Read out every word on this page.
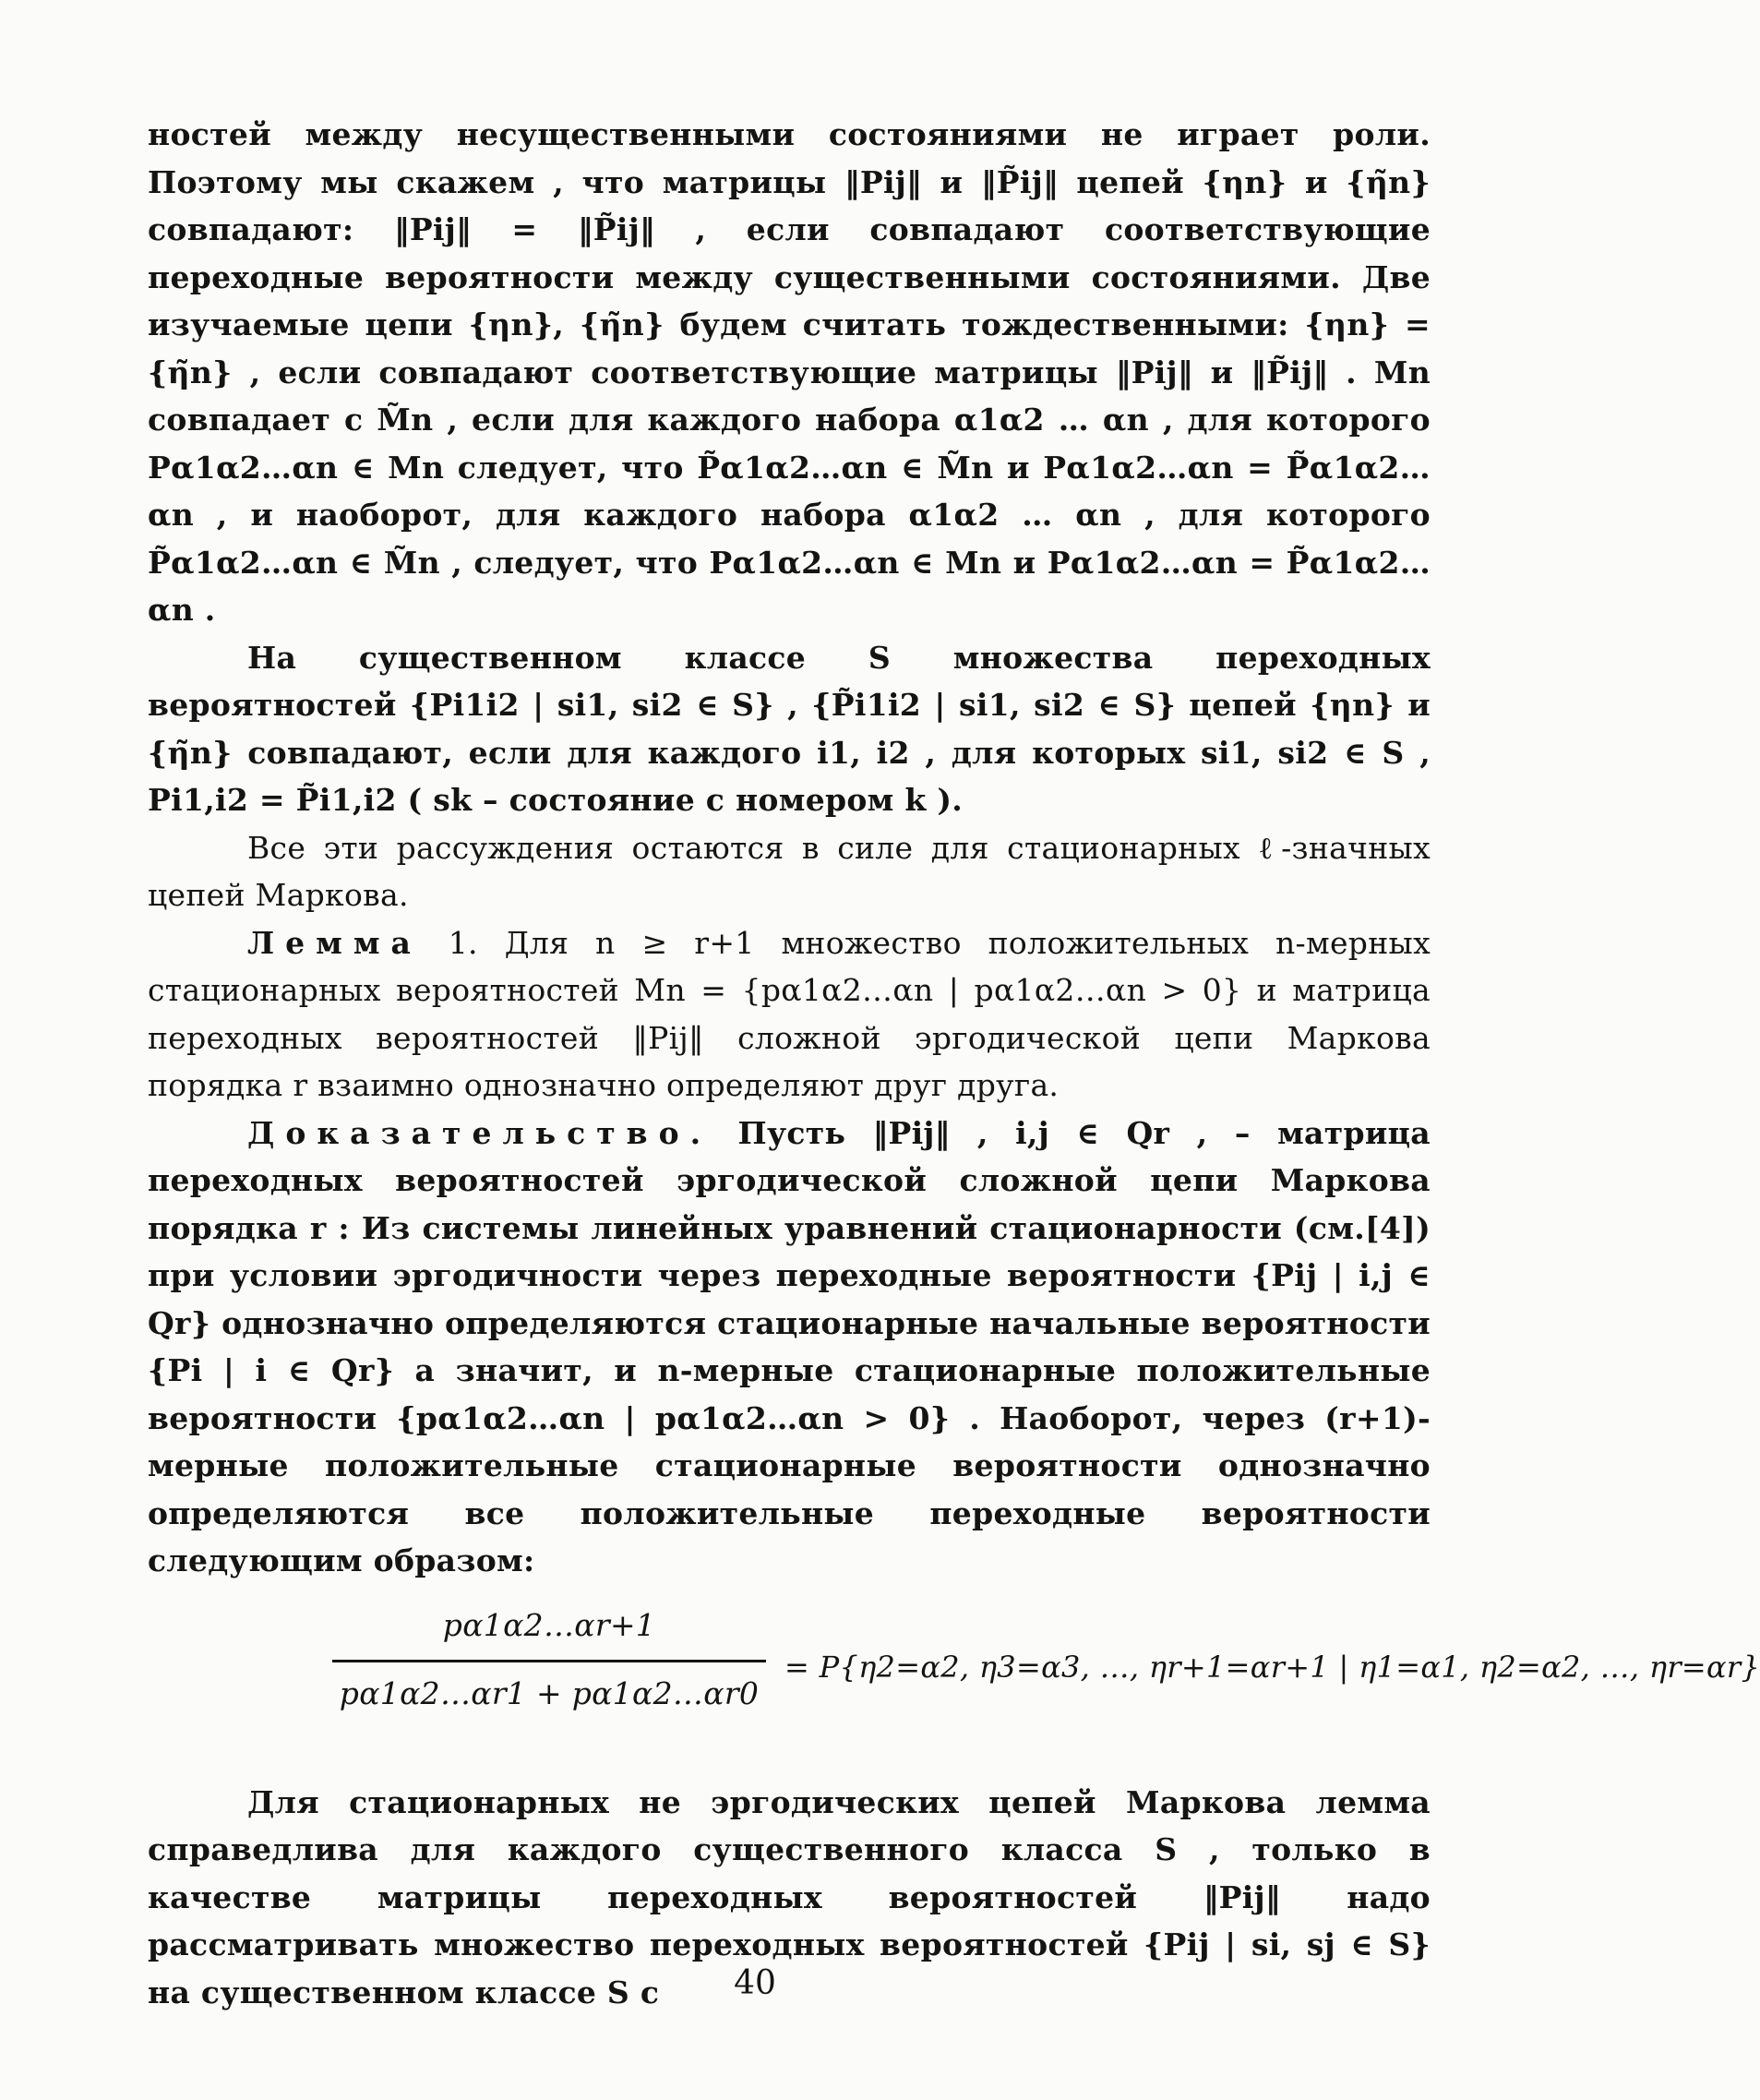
ностей между несущественными состояниями не играет роли. Поэтому мы скажем , что матрицы ‖Pij‖ и ‖P̃ij‖ цепей {ηn} и {η̃n} совпадают: ‖Pij‖ = ‖P̃ij‖ , если совпадают соответствующие переходные вероятности между существенными состояниями. Две изучаемые цепи {ηn}, {η̃n} будем считать тождественными: {ηn} = {η̃n} , если совпадают соответствующие матрицы ‖Pij‖ и ‖P̃ij‖ . Mn совпадает с M̃n , если для каждого набора α1α2 … αn , для которого Pα1α2…αn ∈ Mn следует, что P̃α1α2…αn ∈ M̃n и Pα1α2…αn = P̃α1α2…αn , и наоборот, для каждого набора α1α2 … αn , для которого P̃α1α2…αn ∈ M̃n , следует, что Pα1α2…αn ∈ Mn и Pα1α2…αn = P̃α1α2…αn .

На существенном классе S множества переходных вероятностей {Pi1i2 | si1, si2 ∈ S} , {P̃i1i2 | si1, si2 ∈ S} цепей {ηn} и {η̃n} совпадают, если для каждого i1, i2 , для которых si1, si2 ∈ S , Pi1,i2 = P̃i1,i2 ( sk – состояние с номером k ).

Все эти рассуждения остаются в силе для стационарных ℓ-значных цепей Маркова.

Лемма 1. Для n ≥ r+1 множество положительных n-мерных стационарных вероятностей Mn = {pα1α2…αn | pα1α2…αn > 0} и матрица переходных вероятностей ‖Pij‖ сложной эргодической цепи Маркова порядка r взаимно однозначно определяют друг друга.

Доказательство. Пусть ‖Pij‖ , i,j ∈ Qr , – матрица переходных вероятностей эргодической сложной цепи Маркова порядка r : Из системы линейных уравнений стационарности (см.[4]) при условии эргодичности через переходные вероятности {Pij | i,j ∈ Qr} однозначно определяются стационарные начальные вероятности {Pi | i ∈ Qr} а значит, и n-мерные стационарные положительные вероятности {pα1α2…αn | pα1α2…αn > 0} . Наоборот, через (r+1)-мерные положительные стационарные вероятности однозначно определяются все положительные переходные вероятности следующим образом:

$\frac{p\alpha 1\alpha 2\dots\alpha r+1}{p\alpha 1\alpha 2\dots\alpha r1 + p\alpha 1\alpha 2\dots\alpha r0} = P\{\eta 2=\alpha 2$, η3=α3, …, ηr+1=αr+1 | η1=α1, η2=α2, …, ηr=αr}

Для стационарных не эргодических цепей Маркова лемма справедлива для каждого существенного класса S , только в качестве матрицы переходных вероятностей ‖Pij‖ надо рассматривать множество переходных вероятностей {Pij | si, sj ∈ S} на существенном классе S с	40
